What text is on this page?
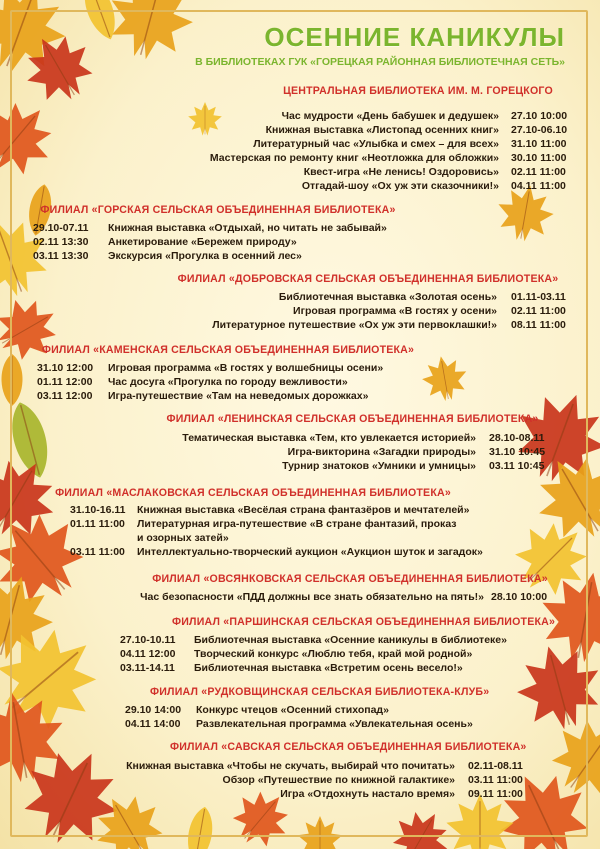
ОСЕННИЕ КАНИКУЛЫ
В БИБЛИОТЕКАХ ГУК «ГОРЕЦКАЯ РАЙОННАЯ БИБЛИОТЕЧНАЯ СЕТЬ»
ЦЕНТРАЛЬНАЯ БИБЛИОТЕКА ИМ. М. ГОРЕЦКОГО
27.10 10:00
Час мудрости «День бабушек и дедушек»
27.10-06.10
Книжная выставка «Листопад осенних книг»
31.10 11:00
Литературный час «Улыбка и смех – для всех»
30.10 11:00
Мастерская по ремонту книг «Неотложка для обложки»
02.11 11:00
Квест-игра «Не ленись! Оздоровись»
04.11 11:00
Отгадай-шоу «Ох уж эти сказочники!»
ФИЛИАЛ «ГОРСКАЯ СЕЛЬСКАЯ ОБЪЕДИНЕННАЯ БИБЛИОТЕКА»
29.10-07.11 Книжная выставка «Отдыхай, но читать не забывай»
02.11 13:30 Анкетирование «Бережем природу»
03.11 13:30 Экскурсия «Прогулка в осенний лес»
ФИЛИАЛ «ДОБРОВСКАЯ СЕЛЬСКАЯ ОБЪЕДИНЕННАЯ БИБЛИОТЕКА»
01.11-03.11
Библиотечная выставка «Золотая осень»
02.11 11:00
Игровая программа «В гостях у осени»
08.11 11:00
Литературное путешествие «Ох уж эти первоклашки!»
ФИЛИАЛ «КАМЕНСКАЯ СЕЛЬСКАЯ ОБЪЕДИНЕННАЯ БИБЛИОТЕКА»
31.10 12:00 Игровая программа «В гостях у волшебницы осени»
01.11 12:00 Час досуга «Прогулка по городу вежливости»
03.11 12:00 Игра-путешествие «Там на неведомых дорожках»
ФИЛИАЛ «ЛЕНИНСКАЯ СЕЛЬСКАЯ ОБЪЕДИНЕННАЯ БИБЛИОТЕКА»
28.10-08.11
Тематическая выставка «Тем, кто увлекается историей»
31.10 10:45
Игра-викторина «Загадки природы»
03.11 10:45
Турнир знатоков «Умники и умницы»
ФИЛИАЛ «МАСЛАКОВСКАЯ СЕЛЬСКАЯ ОБЪЕДИНЕННАЯ БИБЛИОТЕКА»
31.10-16.11 Книжная выставка «Весёлая страна фантазёров и мечтателей»
01.11 11:00 Литературная игра-путешествие «В стране фантазий, проказ
и озорных затей»
03.11 11:00 Интеллектуально-творческий аукцион «Аукцион шуток и загадок»
ФИЛИАЛ «ОВСЯНКОВСКАЯ СЕЛЬСКАЯ ОБЪЕДИНЕННАЯ БИБЛИОТЕКА»
28.10 10:00
Час безопасности «ПДД должны все знать обязательно на пять!»
ФИЛИАЛ «ПАРШИНСКАЯ СЕЛЬСКАЯ ОБЪЕДИНЕННАЯ БИБЛИОТЕКА»
27.10-10.11 Библиотечная выставка «Осенние каникулы в библиотеке»
04.11 12:00 Творческий конкурс «Люблю тебя, край мой родной»
03.11-14.11 Библиотечная выставка «Встретим осень весело!»
ФИЛИАЛ «РУДКОВЩИНСКАЯ СЕЛЬСКАЯ БИБЛИОТЕКА-КЛУБ»
29.10 14:00 Конкурс чтецов «Осенний стихопад»
04.11 14:00 Развлекательная программа «Увлекательная осень»
ФИЛИАЛ «САВСКАЯ СЕЛЬСКАЯ ОБЪЕДИНЕННАЯ БИБЛИОТЕКА»
02.11-08.11
Книжная выставка «Чтобы не скучать, выбирай что почитать»
03.11 11:00
Обзор «Путешествие по книжной галактике»
09.11 11:00
Игра «Отдохнуть настало время»
